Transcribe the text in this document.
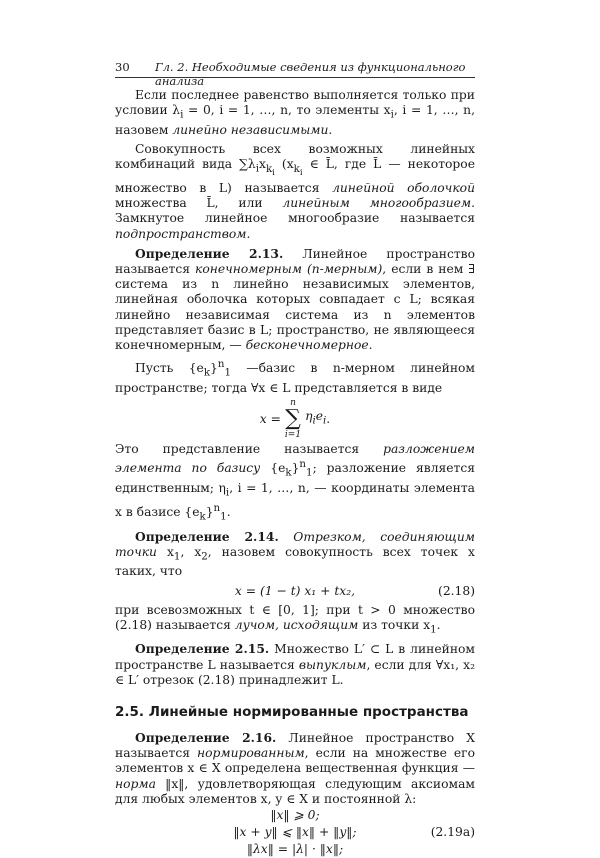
30 Гл. 2. Необходимые сведения из функционального анализа
Если последнее равенство выполняется только при условии $\lambda_i = 0$, i = 1, …, n, то элементы $x_i$, i = 1, …, n, назовем линейно независимыми.
Совокупность всех возможных линейных комбинаций вида $\sum\lambda_ix_{k_i}$ ($x_{k_i}$ ∈ L̄, где L̄ — некоторое множество в L) называется линейной оболочкой множества L̄, или линейным многообразием. Замкнутое линейное многообразие называется подпространством.
Определение 2.13. Линейное пространство называется конечномерным (n-мерным), если в нем ∃ система из n линейно независимых элементов, линейная оболочка которых совпадает с L; всякая линейно независимая система из n элементов представляет базис в L; пространство, не являющееся конечномерным, — бесконечномерное.
Пусть $\{e_k\}^n_1$ —базис в n-мерном линейном пространстве; тогда ∀x ∈ L представляется в виде
x =
n
∑
i=1
$\eta_ie_i$ .
Это представление называется разложением элемента по базису $\{e_k\}^n_1$; разложение является единственным; $\eta_i$, i = 1, …, n, — координаты элемента x в базисе $\{e_k\}^n_1$.
Определение 2.14. Отрезком, соединяющим точки $x_1$, $x_2$, назовем совокупность всех точек x таких, что
x = (1 − t) x₁ + tx₂,	(2.18)
при всевозможных t ∈ [0, 1]; при t > 0 множество (2.18) называется лучом, исходящим из точки $x_1$.
Определение 2.15. Множество L′ ⊂ L в линейном пространстве L называется выпуклым, если для ∀x₁, x₂ ∈ L′ отрезок (2.18) принадлежит L.
2.5. Линейные нормированные пространства
Определение 2.16. Линейное пространство X называется нормированным, если на множестве его элементов x ∈ X определена вещественная функция — норма ‖x‖, удовлетворяющая следующим аксиомам для любых элементов x, y ∈ X и постоянной λ:
‖x‖ ⩾ 0;
‖x + y‖ ⩽ ‖x‖ + ‖y‖;
‖λx‖ = |λ| · ‖x‖;
(2.19a)
